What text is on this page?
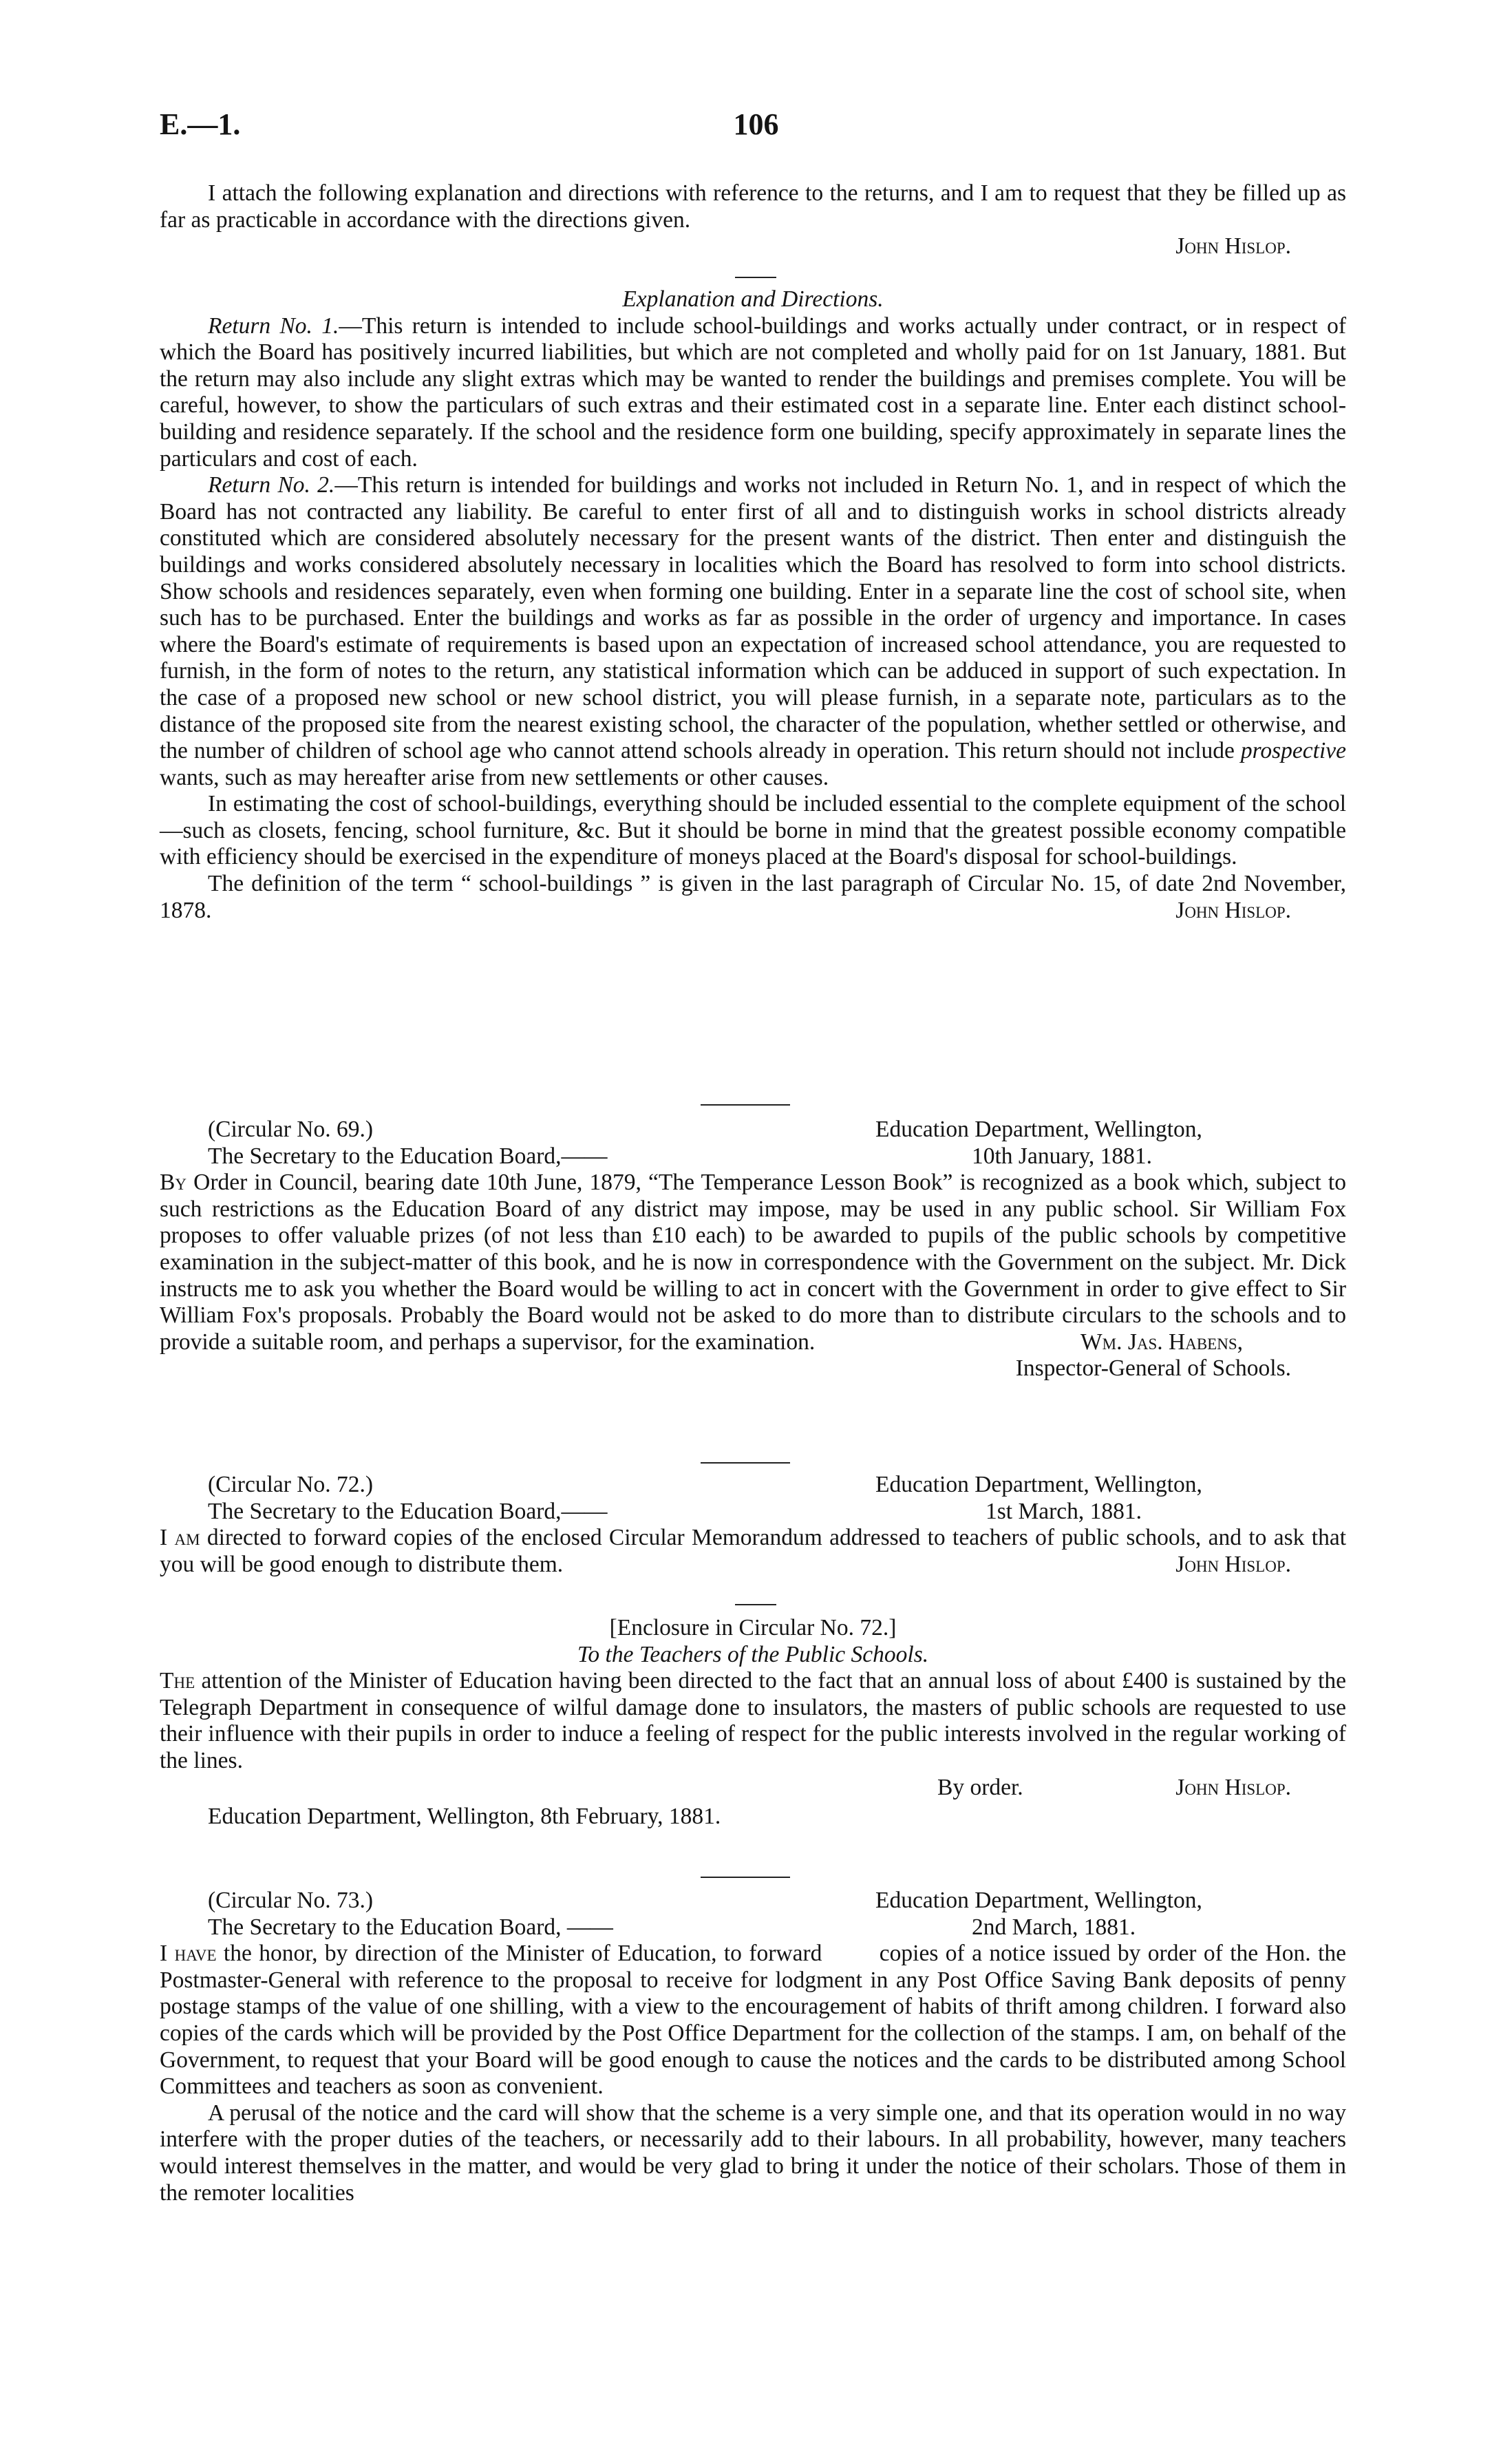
E.—1.	106

I attach the following explanation and directions with reference to the returns, and I am to request that they be filled up as far as practicable in accordance with the directions given.

John Hislop.

Explanation and Directions.

Return No. 1.—This return is intended to include school-buildings and works actually under contract, or in respect of which the Board has positively incurred liabilities, but which are not completed and wholly paid for on 1st January, 1881. But the return may also include any slight extras which may be wanted to render the buildings and premises complete. You will be careful, however, to show the particulars of such extras and their estimated cost in a separate line. Enter each distinct school-building and residence separately. If the school and the residence form one building, specify approximately in separate lines the particulars and cost of each.

Return No. 2.—This return is intended for buildings and works not included in Return No. 1, and in respect of which the Board has not contracted any liability. Be careful to enter first of all and to distinguish works in school districts already constituted which are considered absolutely necessary for the present wants of the district. Then enter and distinguish the buildings and works considered absolutely necessary in localities which the Board has resolved to form into school districts. Show schools and residences separately, even when forming one building. Enter in a separate line the cost of school site, when such has to be purchased. Enter the buildings and works as far as possible in the order of urgency and importance. In cases where the Board's estimate of requirements is based upon an expectation of increased school attendance, you are requested to furnish, in the form of notes to the return, any statistical information which can be adduced in support of such expectation. In the case of a proposed new school or new school district, you will please furnish, in a separate note, particulars as to the distance of the proposed site from the nearest existing school, the character of the population, whether settled or otherwise, and the number of children of school age who cannot attend schools already in operation. This return should not include prospective wants, such as may hereafter arise from new settlements or other causes.

In estimating the cost of school-buildings, everything should be included essential to the complete equipment of the school—such as closets, fencing, school furniture, &c. But it should be borne in mind that the greatest possible economy compatible with efficiency should be exercised in the expenditure of moneys placed at the Board's disposal for school-buildings.

The definition of the term “ school-buildings ” is given in the last paragraph of Circular No. 15, of date 2nd November, 1878.	John Hislop.

(Circular No. 69.)	Education Department, Wellington,
The Secretary to the Education Board,——	10th January, 1881.

By Order in Council, bearing date 10th June, 1879, “The Temperance Lesson Book” is recognized as a book which, subject to such restrictions as the Education Board of any district may impose, may be used in any public school. Sir William Fox proposes to offer valuable prizes (of not less than £10 each) to be awarded to pupils of the public schools by competitive examination in the subject-matter of this book, and he is now in correspondence with the Government on the subject. Mr. Dick instructs me to ask you whether the Board would be willing to act in concert with the Government in order to give effect to Sir William Fox's proposals. Probably the Board would not be asked to do more than to distribute circulars to the schools and to provide a suitable room, and perhaps a supervisor, for the examination.	Wm. Jas. Habens,

Inspector-General of Schools.

(Circular No. 72.)	Education Department, Wellington,
The Secretary to the Education Board,——	1st March, 1881.

I am directed to forward copies of the enclosed Circular Memorandum addressed to teachers of public schools, and to ask that you will be good enough to distribute them.	John Hislop.

[Enclosure in Circular No. 72.]

To the Teachers of the Public Schools.

The attention of the Minister of Education having been directed to the fact that an annual loss of about £400 is sustained by the Telegraph Department in consequence of wilful damage done to insulators, the masters of public schools are requested to use their influence with their pupils in order to induce a feeling of respect for the public interests involved in the regular working of the lines.

By order.	John Hislop.
Education Department, Wellington, 8th February, 1881.
(Circular No. 73.)	Education Department, Wellington,
The Secretary to the Education Board, ——	2nd March, 1881.

I have the honor, by direction of the Minister of Education, to forward        copies of a notice issued by order of the Hon. the Postmaster-General with reference to the proposal to receive for lodgment in any Post Office Saving Bank deposits of penny postage stamps of the value of one shilling, with a view to the encouragement of habits of thrift among children. I forward also        copies of the cards which will be provided by the Post Office Department for the collection of the stamps. I am, on behalf of the Government, to request that your Board will be good enough to cause the notices and the cards to be distributed among School Committees and teachers as soon as convenient.

A perusal of the notice and the card will show that the scheme is a very simple one, and that its operation would in no way interfere with the proper duties of the teachers, or necessarily add to their labours. In all probability, however, many teachers would interest themselves in the matter, and would be very glad to bring it under the notice of their scholars. Those of them in the remoter localities
